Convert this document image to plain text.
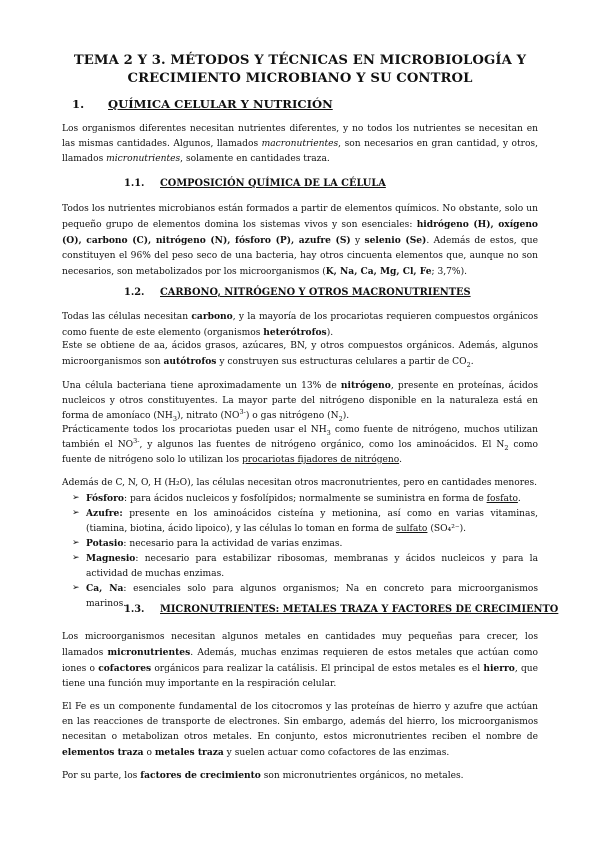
TEMA 2 Y 3. MÉTODOS Y TÉCNICAS EN MICROBIOLOGÍA Y
CRECIMIENTO MICROBIANO Y SU CONTROL
1. QUÍMICA CELULAR Y NUTRICIÓN
Los organismos diferentes necesitan nutrientes diferentes, y no todos los nutrientes se necesitan en las mismas cantidades. Algunos, llamados macronutrientes, son necesarios en gran cantidad, y otros, llamados micronutrientes, solamente en cantidades traza.
1.1. COMPOSICIÓN QUÍMICA DE LA CÉLULA
Todos los nutrientes microbianos están formados a partir de elementos químicos. No obstante, solo un pequeño grupo de elementos domina los sistemas vivos y son esenciales: hidrógeno (H), oxígeno (O), carbono (C), nitrógeno (N), fósforo (P), azufre (S) y selenio (Se). Además de estos, que constituyen el 96% del peso seco de una bacteria, hay otros cincuenta elementos que, aunque no son necesarios, son metabolizados por los microorganismos (K, Na, Ca, Mg, Cl, Fe; 3,7%).
1.2. CARBONO, NITRÓGENO Y OTROS MACRONUTRIENTES
Todas las células necesitan carbono, y la mayoría de los procariotas requieren compuestos orgánicos como fuente de este elemento (organismos heterótrofos).
Este se obtiene de aa, ácidos grasos, azúcares, BN, y otros compuestos orgánicos. Además, algunos microorganismos son autótrofos y construyen sus estructuras celulares a partir de $CO_2$.
Una célula bacteriana tiene aproximadamente un 13% de nitrógeno, presente en proteínas, ácidos nucleicos y otros constituyentes. La mayor parte del nitrógeno disponible en la naturaleza está en forma de amoníaco $(NH_3)$, nitrato $(NO^{3-})$ o gas nitrógeno $(N_2)$.
Prácticamente todos los procariotas pueden usar el $NH_3$ como fuente de nitrógeno, muchos utilizan también el $NO^{3-}$, y algunos las fuentes de nitrógeno orgánico, como los aminoácidos. El $N_2$ como fuente de nitrógeno solo lo utilizan los procariotas fijadores de nitrógeno.
Además de C, N, O, H (H₂O), las células necesitan otros macronutrientes, pero en cantidades menores.
➢ Fósforo: para ácidos nucleicos y fosfolípidos; normalmente se suministra en forma de fosfato.
➢ Azufre: presente en los aminoácidos cisteína y metionina, así como en varias vitaminas, (tiamina, biotina, ácido lipoico), y las células lo toman en forma de sulfato (SO₄²⁻).
➢ Potasio: necesario para la actividad de varias enzimas.
➢ Magnesio: necesario para estabilizar ribosomas, membranas y ácidos nucleicos y para la actividad de muchas enzimas.
➢ Ca, Na: esenciales solo para algunos organismos; Na en concreto para microorganismos marinos.
1.3. MICRONUTRIENTES: METALES TRAZA Y FACTORES DE CRECIMIENTO
Los microorganismos necesitan algunos metales en cantidades muy pequeñas para crecer, los llamados micronutrientes. Además, muchas enzimas requieren de estos metales que actúan como iones o cofactores orgánicos para realizar la catálisis. El principal de estos metales es el hierro, que tiene una función muy importante en la respiración celular.
El Fe es un componente fundamental de los citocromos y las proteínas de hierro y azufre que actúan en las reacciones de transporte de electrones. Sin embargo, además del hierro, los microorganismos necesitan o metabolizan otros metales. En conjunto, estos micronutrientes reciben el nombre de elementos traza o metales traza y suelen actuar como cofactores de las enzimas.
Por su parte, los factores de crecimiento son micronutrientes orgánicos, no metales.
